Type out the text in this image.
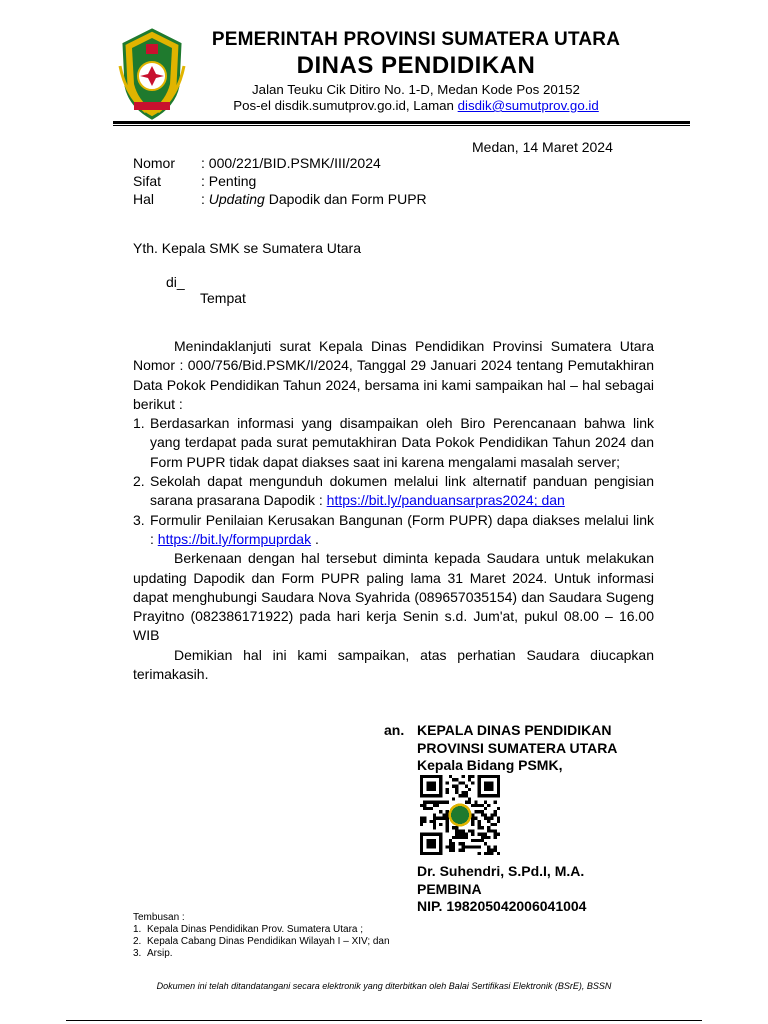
PEMERINTAH PROVINSI SUMATERA UTARA
DINAS PENDIDIKAN
Jalan Teuku Cik Ditiro No. 1-D, Medan Kode Pos 20152
Pos-el disdik.sumutprov.go.id, Laman disdik@sumutprov.go.id
Medan, 14 Maret 2024
Nomor	: 000/221/BID.PSMK/III/2024
Sifat	: Penting
Hal	: Updating Dapodik dan Form PUPR
Yth. Kepala SMK se Sumatera Utara
di_
Tempat

Menindaklanjuti surat Kepala Dinas Pendidikan Provinsi Sumatera Utara Nomor : 000/756/Bid.PSMK/I/2024, Tanggal 29 Januari 2024 tentang Pemutakhiran Data Pokok Pendidikan Tahun 2024, bersama ini kami sampaikan hal – hal sebagai berikut :

1. Berdasarkan informasi yang disampaikan oleh Biro Perencanaan bahwa link yang terdapat pada surat pemutakhiran Data Pokok Pendidikan Tahun 2024 dan Form PUPR tidak dapat diakses saat ini karena mengalami masalah server;
2. Sekolah dapat mengunduh dokumen melalui link alternatif panduan pengisian sarana prasarana Dapodik : https://bit.ly/panduansarpras2024; dan
3. Formulir Penilaian Kerusakan Bangunan (Form PUPR) dapa diakses melalui link : https://bit.ly/formpuprdak .

Berkenaan dengan hal tersebut diminta kepada Saudara untuk melakukan updating Dapodik dan Form PUPR paling lama 31 Maret 2024. Untuk informasi dapat menghubungi Saudara Nova Syahrida (089657035154) dan Saudara Sugeng Prayitno (082386171922) pada hari kerja Senin s.d. Jum'at, pukul 08.00 – 16.00 WIB

Demikian hal ini kami sampaikan, atas perhatian Saudara diucapkan terimakasih.

an. KEPALA DINAS PENDIDIKAN
PROVINSI SUMATERA UTARA
Kepala Bidang PSMK,
Dr. Suhendri, S.Pd.I, M.A.
PEMBINA
NIP. 198205042006041004
Tembusan :
1. Kepala Dinas Pendidikan Prov. Sumatera Utara ;
2. Kepala Cabang Dinas Pendidikan Wilayah I – XIV; dan
3. Arsip.
Dokumen ini telah ditandatangani secara elektronik yang diterbitkan oleh Balai Sertifikasi Elektronik (BSrE), BSSN
